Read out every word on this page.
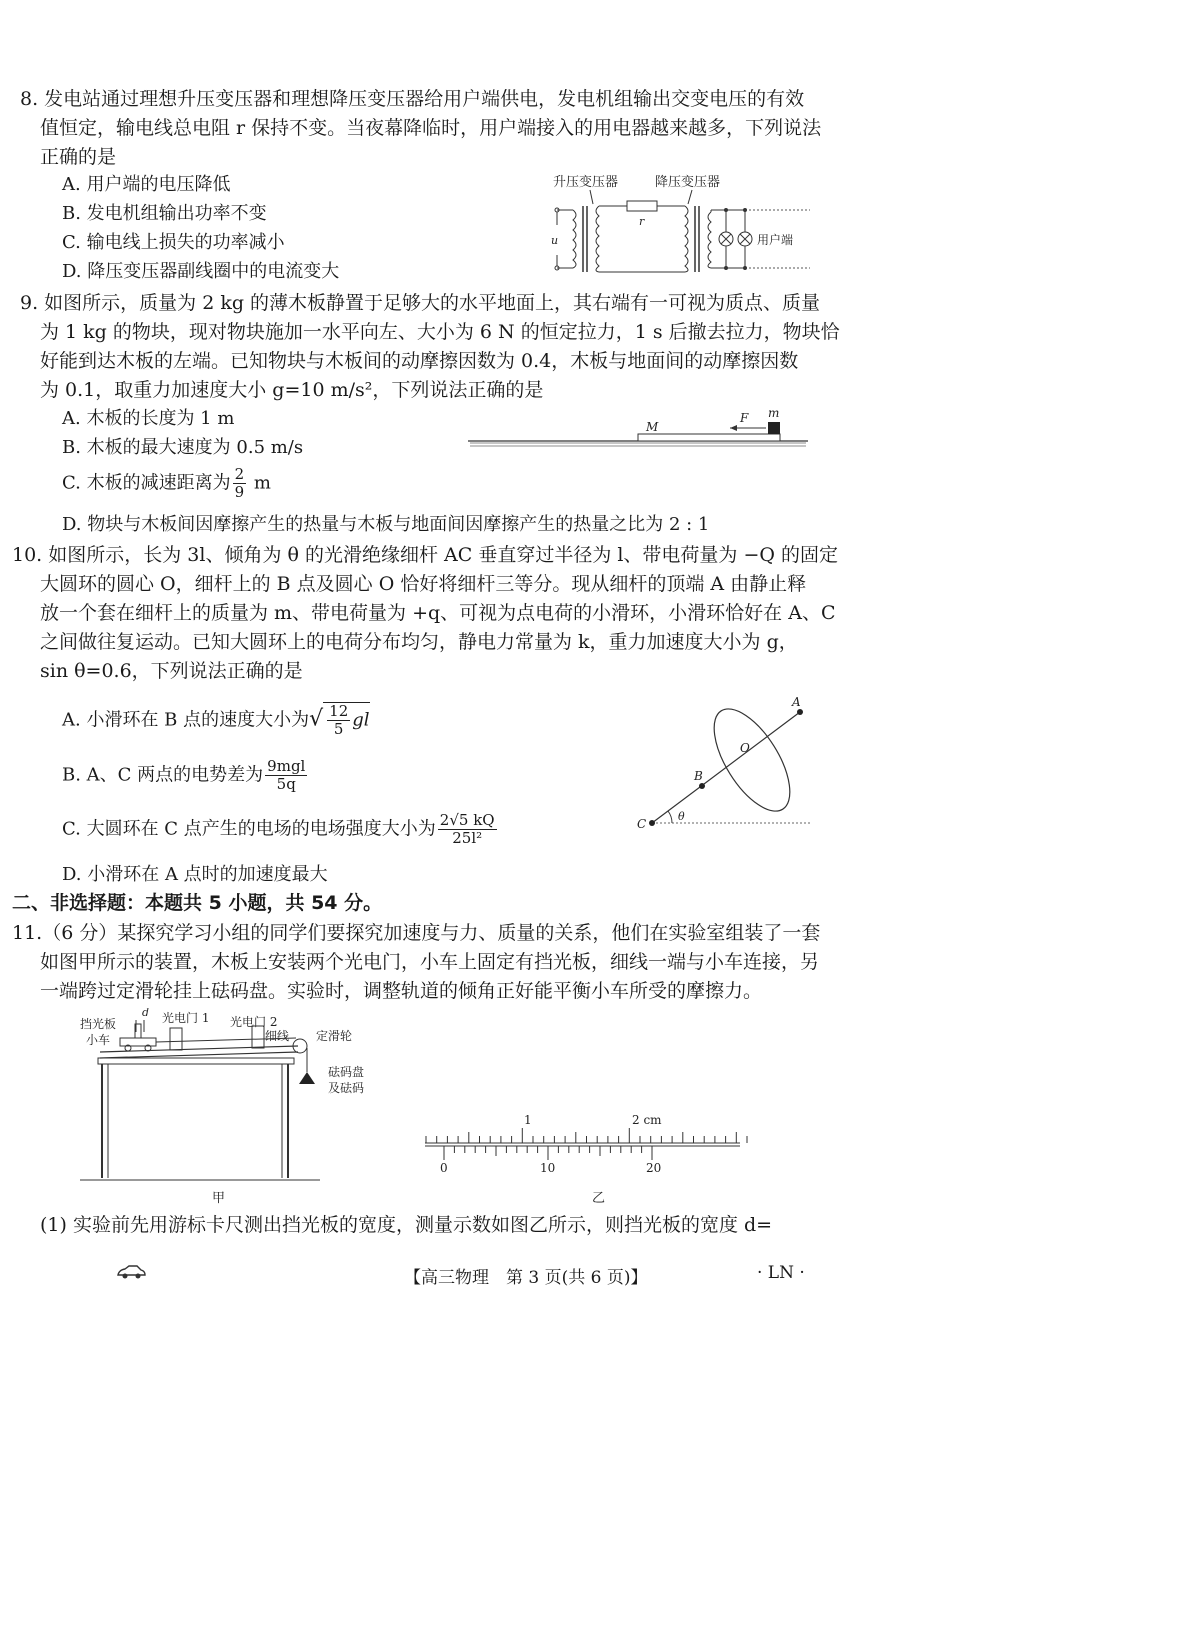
8. 发电站通过理想升压变压器和理想降压变压器给用户端供电，发电机组输出交变电压的有效
值恒定，输电线总电阻 r 保持不变。当夜幕降临时，用户端接入的用电器越来越多，下列说法
正确的是
A. 用户端的电压降低
B. 发电机组输出功率不变
C. 输电线上损失的功率减小
D. 降压变压器副线圈中的电流变大
升压变压器	降压变压器
u
r
用户端
9. 如图所示，质量为 2 kg 的薄木板静置于足够大的水平地面上，其右端有一可视为质点、质量
为 1 kg 的物块，现对物块施加一水平向左、大小为 6 N 的恒定拉力，1 s 后撤去拉力，物块恰
好能到达木板的左端。已知物块与木板间的动摩擦因数为 0.4，木板与地面间的动摩擦因数
为 0.1，取重力加速度大小 g=10 m/s²，下列说法正确的是
A. 木板的长度为 1 m
B. 木板的最大速度为 0.5 m/s
C. 木板的减速距离为 $\frac{2}{9}$ m
D. 物块与木板间因摩擦产生的热量与木板与地面间因摩擦产生的热量之比为 2 : 1
M
m
F
10. 如图所示，长为 3l、倾角为 θ 的光滑绝缘细杆 AC 垂直穿过半径为 l、带电荷量为 −Q 的固定
大圆环的圆心 O，细杆上的 B 点及圆心 O 恰好将细杆三等分。现从细杆的顶端 A 由静止释
放一个套在细杆上的质量为 m、带电荷量为 +q、可视为点电荷的小滑环，小滑环恰好在 A、C
之间做往复运动。已知大圆环上的电荷分布均匀，静电力常量为 k，重力加速度大小为 g，
sin θ=0.6，下列说法正确的是
A. 小滑环在 B 点的速度大小为√ $\frac{12}{5}$ gl
B. A、C 两点的电势差为 $\frac{\text{9mgl}}{5q}$
C. 大圆环在 C 点产生的电场的电场强度大小为 $\frac{2√5 kQ}{\text{25l²}}$
D. 小滑环在 A 点时的加速度最大
C
B
O
A
θ
二、非选择题：本题共 5 小题，共 54 分。
11.（6 分）某探究学习小组的同学们要探究加速度与力、质量的关系，他们在实验室组装了一套
如图甲所示的装置，木板上安装两个光电门，小车上固定有挡光板，细线一端与小车连接，另
一端跨过定滑轮挂上砝码盘。实验时，调整轨道的倾角正好能平衡小车所受的摩擦力。
挡光板
小车
d 光电门 1 光电门 2
细线 定滑轮
砝码盘
及砝码
甲
1	2 cm
0	10	20
乙
(1) 实验前先用游标卡尺测出挡光板的宽度，测量示数如图乙所示，则挡光板的宽度 d=
【高三物理　第 3 页(共 6 页)】	· LN ·
